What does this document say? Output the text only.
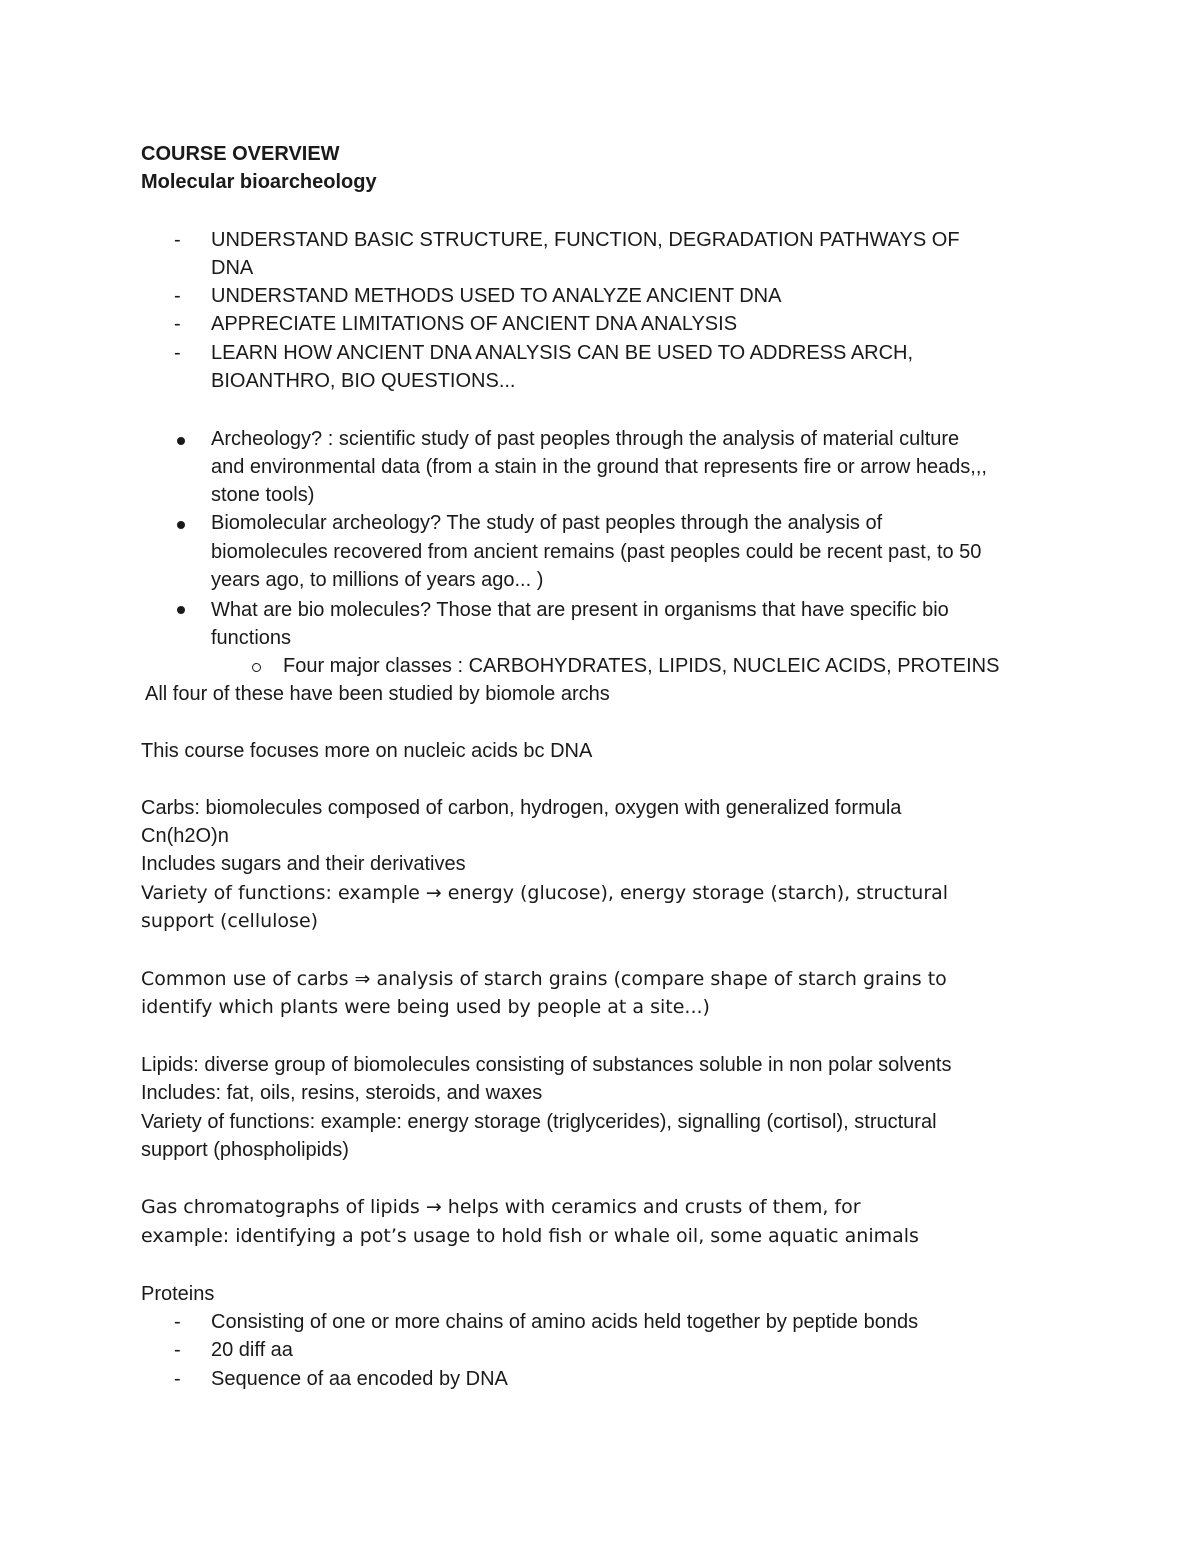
COURSE OVERVIEW
Molecular bioarcheology
- UNDERSTAND BASIC STRUCTURE, FUNCTION, DEGRADATION PATHWAYS OF
DNA
- UNDERSTAND METHODS USED TO ANALYZE ANCIENT DNA
- APPRECIATE LIMITATIONS OF ANCIENT DNA ANALYSIS
- LEARN HOW ANCIENT DNA ANALYSIS CAN BE USED TO ADDRESS ARCH,
BIOANTHRO, BIO QUESTIONS...
Archeology? : scientific study of past peoples through the analysis of material culture
and environmental data (from a stain in the ground that represents fire or arrow heads,,,
stone tools)
Biomolecular archeology? The study of past peoples through the analysis of
biomolecules recovered from ancient remains (past peoples could be recent past, to 50
years ago, to millions of years ago... )
What are bio molecules? Those that are present in organisms that have specific bio
functions
Four major classes : CARBOHYDRATES, LIPIDS, NUCLEIC ACIDS, PROTEINS
All four of these have been studied by biomole archs
This course focuses more on nucleic acids bc DNA
Carbs: biomolecules composed of carbon, hydrogen, oxygen with generalized formula
Cn(h2O)n
Includes sugars and their derivatives
Variety of functions: example → energy (glucose), energy storage (starch), structural
support (cellulose)
Common use of carbs ⇒ analysis of starch grains (compare shape of starch grains to
identify which plants were being used by people at a site...)
Lipids: diverse group of biomolecules consisting of substances soluble in non polar solvents
Includes: fat, oils, resins, steroids, and waxes
Variety of functions: example: energy storage (triglycerides), signalling (cortisol), structural
support (phospholipids)
Gas chromatographs of lipids → helps with ceramics and crusts of them, for
example: identifying a pot’s usage to hold fish or whale oil, some aquatic animals
Proteins
- Consisting of one or more chains of amino acids held together by peptide bonds
- 20 diff aa
- Sequence of aa encoded by DNA
